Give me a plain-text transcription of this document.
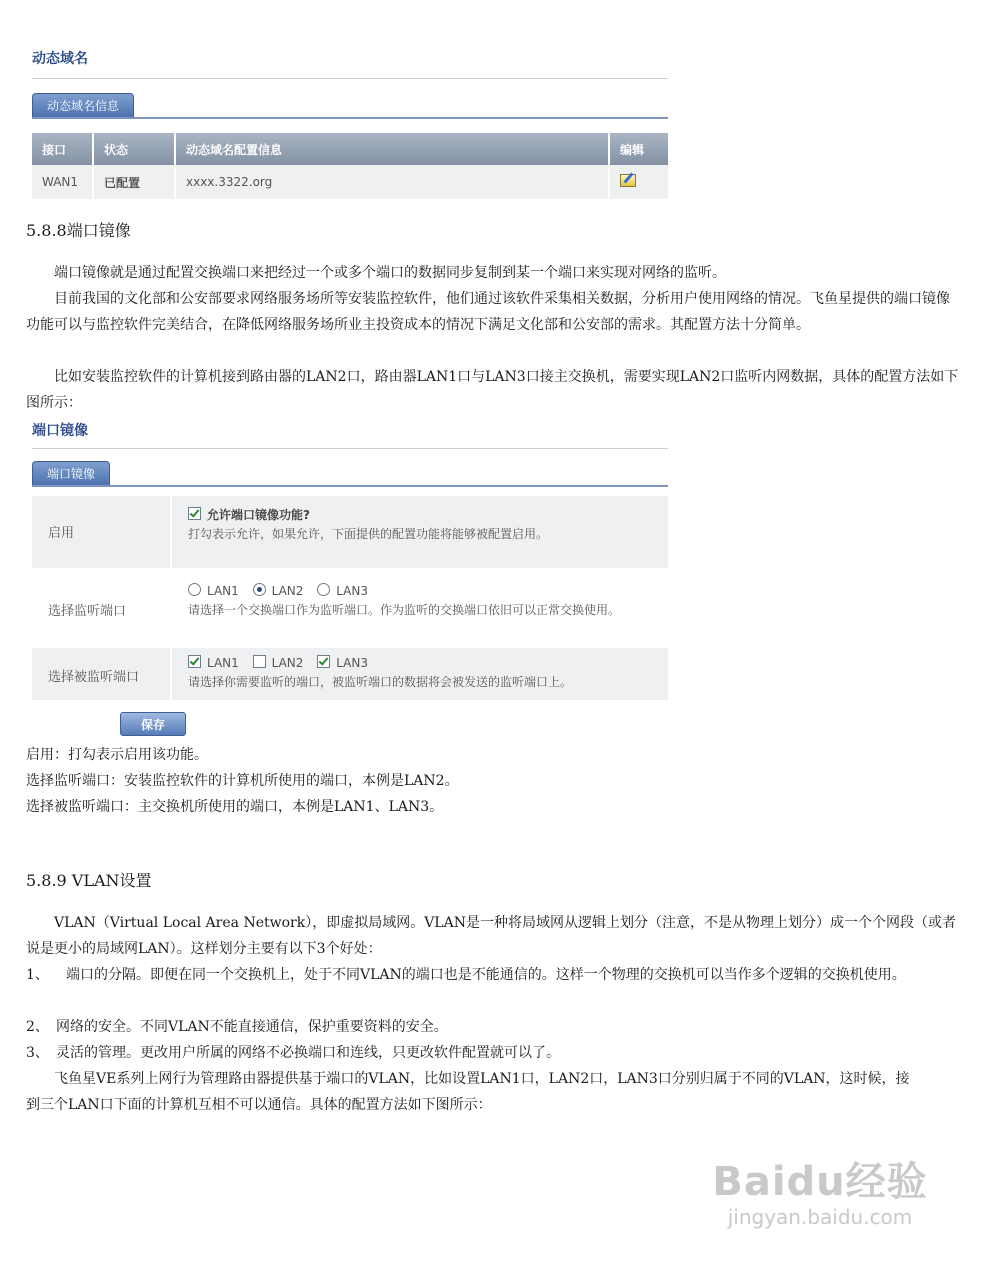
动态域名
动态域名信息
接口	状态	动态域名配置信息	编辑
WAN1	已配置	xxxx.3322.org	
5.8.8端口镜像
端口镜像就是通过配置交换端口来把经过一个或多个端口的数据同步复制到某一个端口来实现对网络的监听。
目前我国的文化部和公安部要求网络服务场所等安装监控软件，他们通过该软件采集相关数据，分析用户使用网络的情况。飞鱼星提供的端口镜像功能可以与监控软件完美结合，在降低网络服务场所业主投资成本的情况下满足文化部和公安部的需求。其配置方法十分简单。
比如安装监控软件的计算机接到路由器的LAN2口，路由器LAN1口与LAN3口接主交换机，需要实现LAN2口监听内网数据，具体的配置方法如下图所示：
端口镜像
端口镜像
启用
允许端口镜像功能?
打勾表示允许，如果允许，下面提供的配置功能将能够被配置启用。
选择监听端口
LAN1	LAN2	LAN3
请选择一个交换端口作为监听端口。作为监听的交换端口依旧可以正常交换使用。
选择被监听端口
LAN1	LAN2	LAN3
请选择你需要监听的端口，被监听端口的数据将会被发送的监听端口上。
保存
启用：打勾表示启用该功能。
选择监听端口：安装监控软件的计算机所使用的端口，本例是LAN2。
选择被监听端口：主交换机所使用的端口，本例是LAN1、LAN3。
5.8.9 VLAN设置
VLAN（Virtual Local Area Network），即虚拟局域网。VLAN是一种将局域网从逻辑上划分（注意，不是从物理上划分）成一个个网段（或者说是更小的局域网LAN）。这样划分主要有以下3个好处：
1、	端口的分隔。即便在同一个交换机上，处于不同VLAN的端口也是不能通信的。这样一个物理的交换机可以当作多个逻辑的交换机使用。
2、 网络的安全。不同VLAN不能直接通信，保护重要资料的安全。
3、 灵活的管理。更改用户所属的网络不必换端口和连线，只更改软件配置就可以了。
飞鱼星VE系列上网行为管理路由器提供基于端口的VLAN，比如设置LAN1口，LAN2口，LAN3口分别归属于不同的VLAN，这时候，接到三个LAN口下面的计算机互相不可以通信。具体的配置方法如下图所示：
Baidu经验
jingyan.baidu.com
